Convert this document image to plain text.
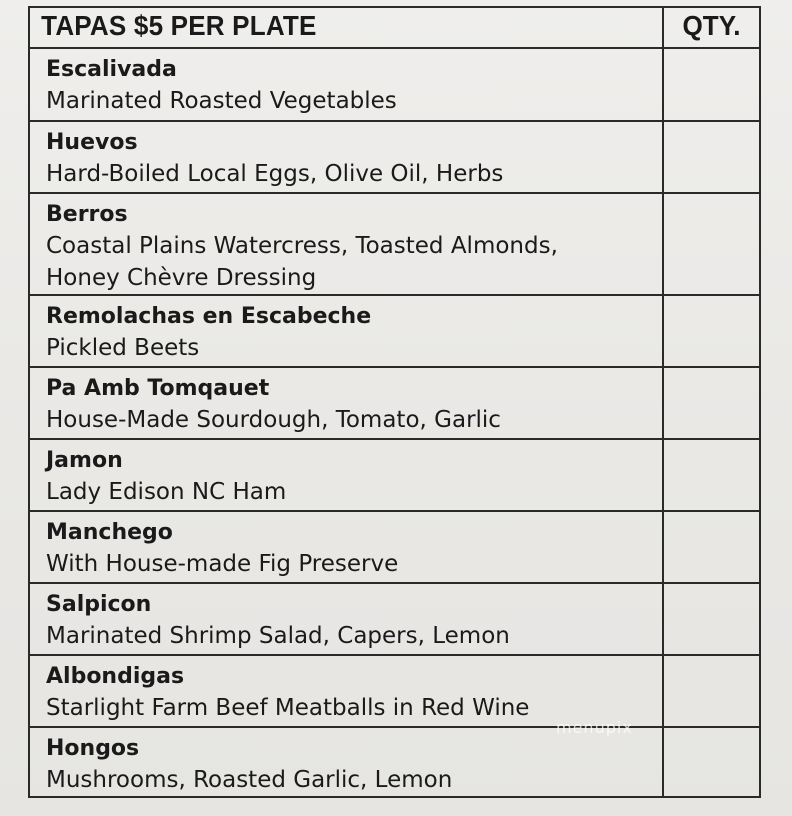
TAPAS $5 PER PLATE	QTY.
Escalivada
Marinated Roasted Vegetables
Huevos
Hard-Boiled Local Eggs, Olive Oil, Herbs
Berros
Coastal Plains Watercress, Toasted Almonds,
Honey Chèvre Dressing
Remolachas en Escabeche
Pickled Beets
Pa Amb Tomqauet
House-Made Sourdough, Tomato, Garlic
Jamon
Lady Edison NC Ham
Manchego
With House-made Fig Preserve
Salpicon
Marinated Shrimp Salad, Capers, Lemon
Albondigas
Starlight Farm Beef Meatballs in Red Wine
Hongos
Mushrooms, Roasted Garlic, Lemon
menupix
